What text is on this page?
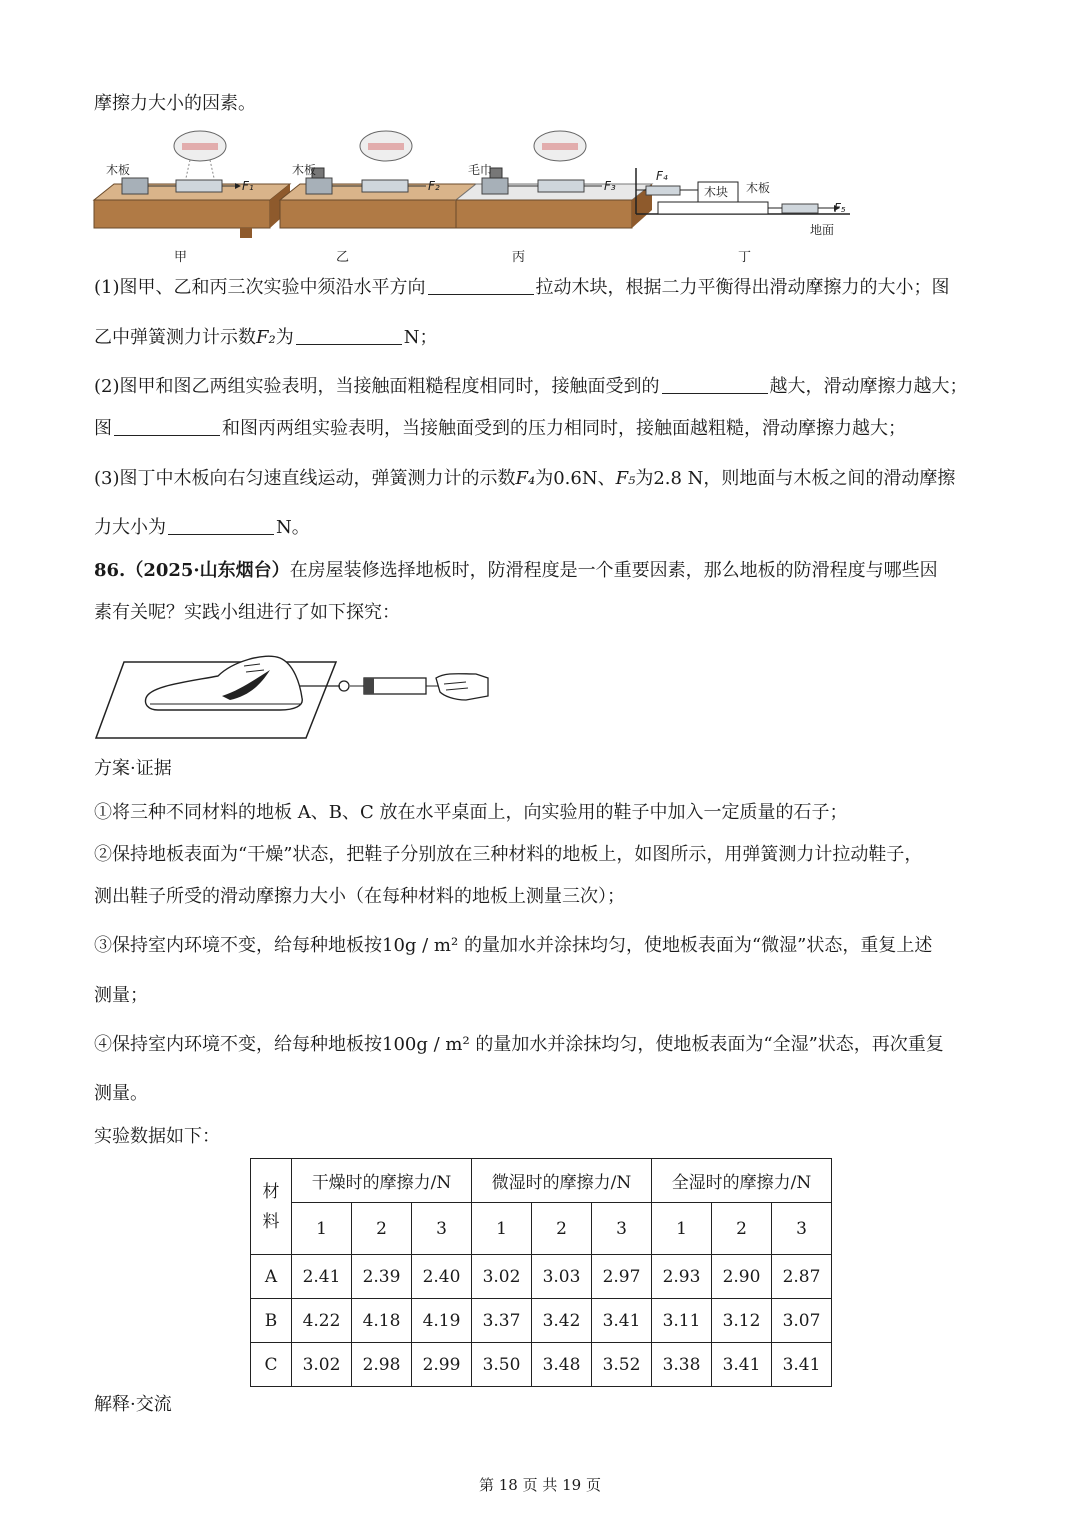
摩擦力大小的因素。
木板
F₁
木板
F₂
毛巾
F₃
F₄
木块 木板
F₅
地面
甲	乙	丙	丁
(1)图甲、乙和丙三次实验中须沿水平方向	拉动木块，根据二力平衡得出滑动摩擦力的大小；图
乙中弹簧测力计示数F₂为	N；
(2)图甲和图乙两组实验表明，当接触面粗糙程度相同时，接触面受到的	越大，滑动摩擦力越大；
图	和图丙两组实验表明，当接触面受到的压力相同时，接触面越粗糙，滑动摩擦力越大；
(3)图丁中木板向右匀速直线运动，弹簧测力计的示数F₄为0.6N、F₅为2.8 N，则地面与木板之间的滑动摩擦
力大小为	N。
86.（2025·山东烟台）在房屋装修选择地板时，防滑程度是一个重要因素，那么地板的防滑程度与哪些因
素有关呢？实践小组进行了如下探究：
方案·证据
①将三种不同材料的地板 A、B、C 放在水平桌面上，向实验用的鞋子中加入一定质量的石子；
②保持地板表面为“干燥”状态，把鞋子分别放在三种材料的地板上，如图所示，用弹簧测力计拉动鞋子，
测出鞋子所受的滑动摩擦力大小（在每种材料的地板上测量三次）；
③保持室内环境不变，给每种地板按10g / m² 的量加水并涂抹均匀，使地板表面为“微湿”状态，重复上述
测量；
④保持室内环境不变，给每种地板按100g / m² 的量加水并涂抹均匀，使地板表面为“全湿”状态，再次重复
测量。
实验数据如下：
材
料	干燥时的摩擦力/N			微湿时的摩擦力/N			全湿时的摩擦力/N		
	1	2	3	1	2	3	1	2	3
A	2.41	2.39	2.40	3.02	3.03	2.97	2.93	2.90	2.87
B	4.22	4.18	4.19	3.37	3.42	3.41	3.11	3.12	3.07
C	3.02	2.98	2.99	3.50	3.48	3.52	3.38	3.41	3.41
解释·交流
第 18 页 共 19 页
